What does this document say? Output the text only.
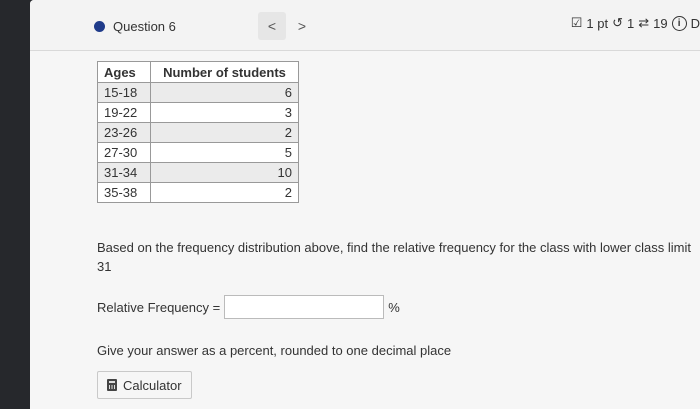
Question 6	<	>	☑ 1 pt ↺ 1 ⇄ 19	i D
Ages	Number of students
15-18	6
19-22	3
23-26	2
27-30	5
31-34	10
35-38	2
Based on the frequency distribution above, find the relative frequency for the class with lower class limit 31
Relative Frequency =	%
Give your answer as a percent, rounded to one decimal place
Calculator
